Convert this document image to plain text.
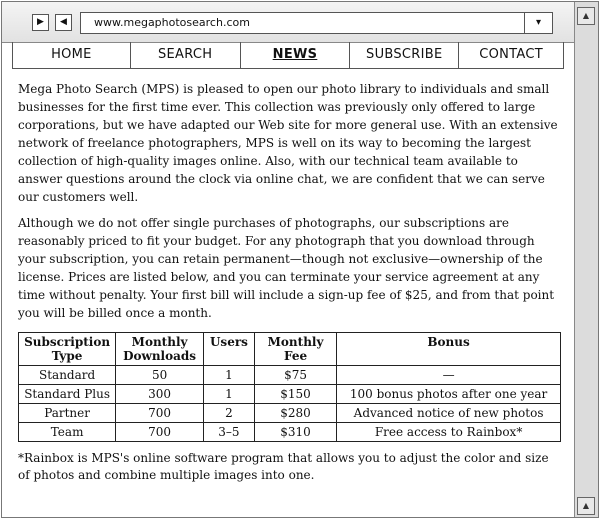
▶	◀	www.megaphotosearch.com	▾
▲
▲
HOME	SEARCH	NEWS	SUBSCRIBE	CONTACT

Mega Photo Search (MPS) is pleased to open our photo library to individuals and small businesses for the first time ever. This collection was previously only offered to large corporations, but we have adapted our Web site for more general use. With an extensive network of freelance photographers, MPS is well on its way to becoming the largest collection of high-quality images online. Also, with our technical team available to answer questions around the clock via online chat, we are confident that we can serve our customers well.

Although we do not offer single purchases of photographs, our subscriptions are reasonably priced to fit your budget. For any photograph that you download through your subscription, you can retain permanent—though not exclusive—ownership of the license. Prices are listed below, and you can terminate your service agreement at any time without penalty. Your first bill will include a sign-up fee of $25, and from that point you will be billed once a month.

Subscription Type	Monthly Downloads	Users	Monthly Fee	Bonus
Standard	50	1	$75	—
Standard Plus	300	1	$150	100 bonus photos after one year
Partner	700	2	$280	Advanced notice of new photos
Team	700	3–5	$310	Free access to Rainbox*
*Rainbox is MPS's online software program that allows you to adjust the color and size of photos and combine multiple images into one.
